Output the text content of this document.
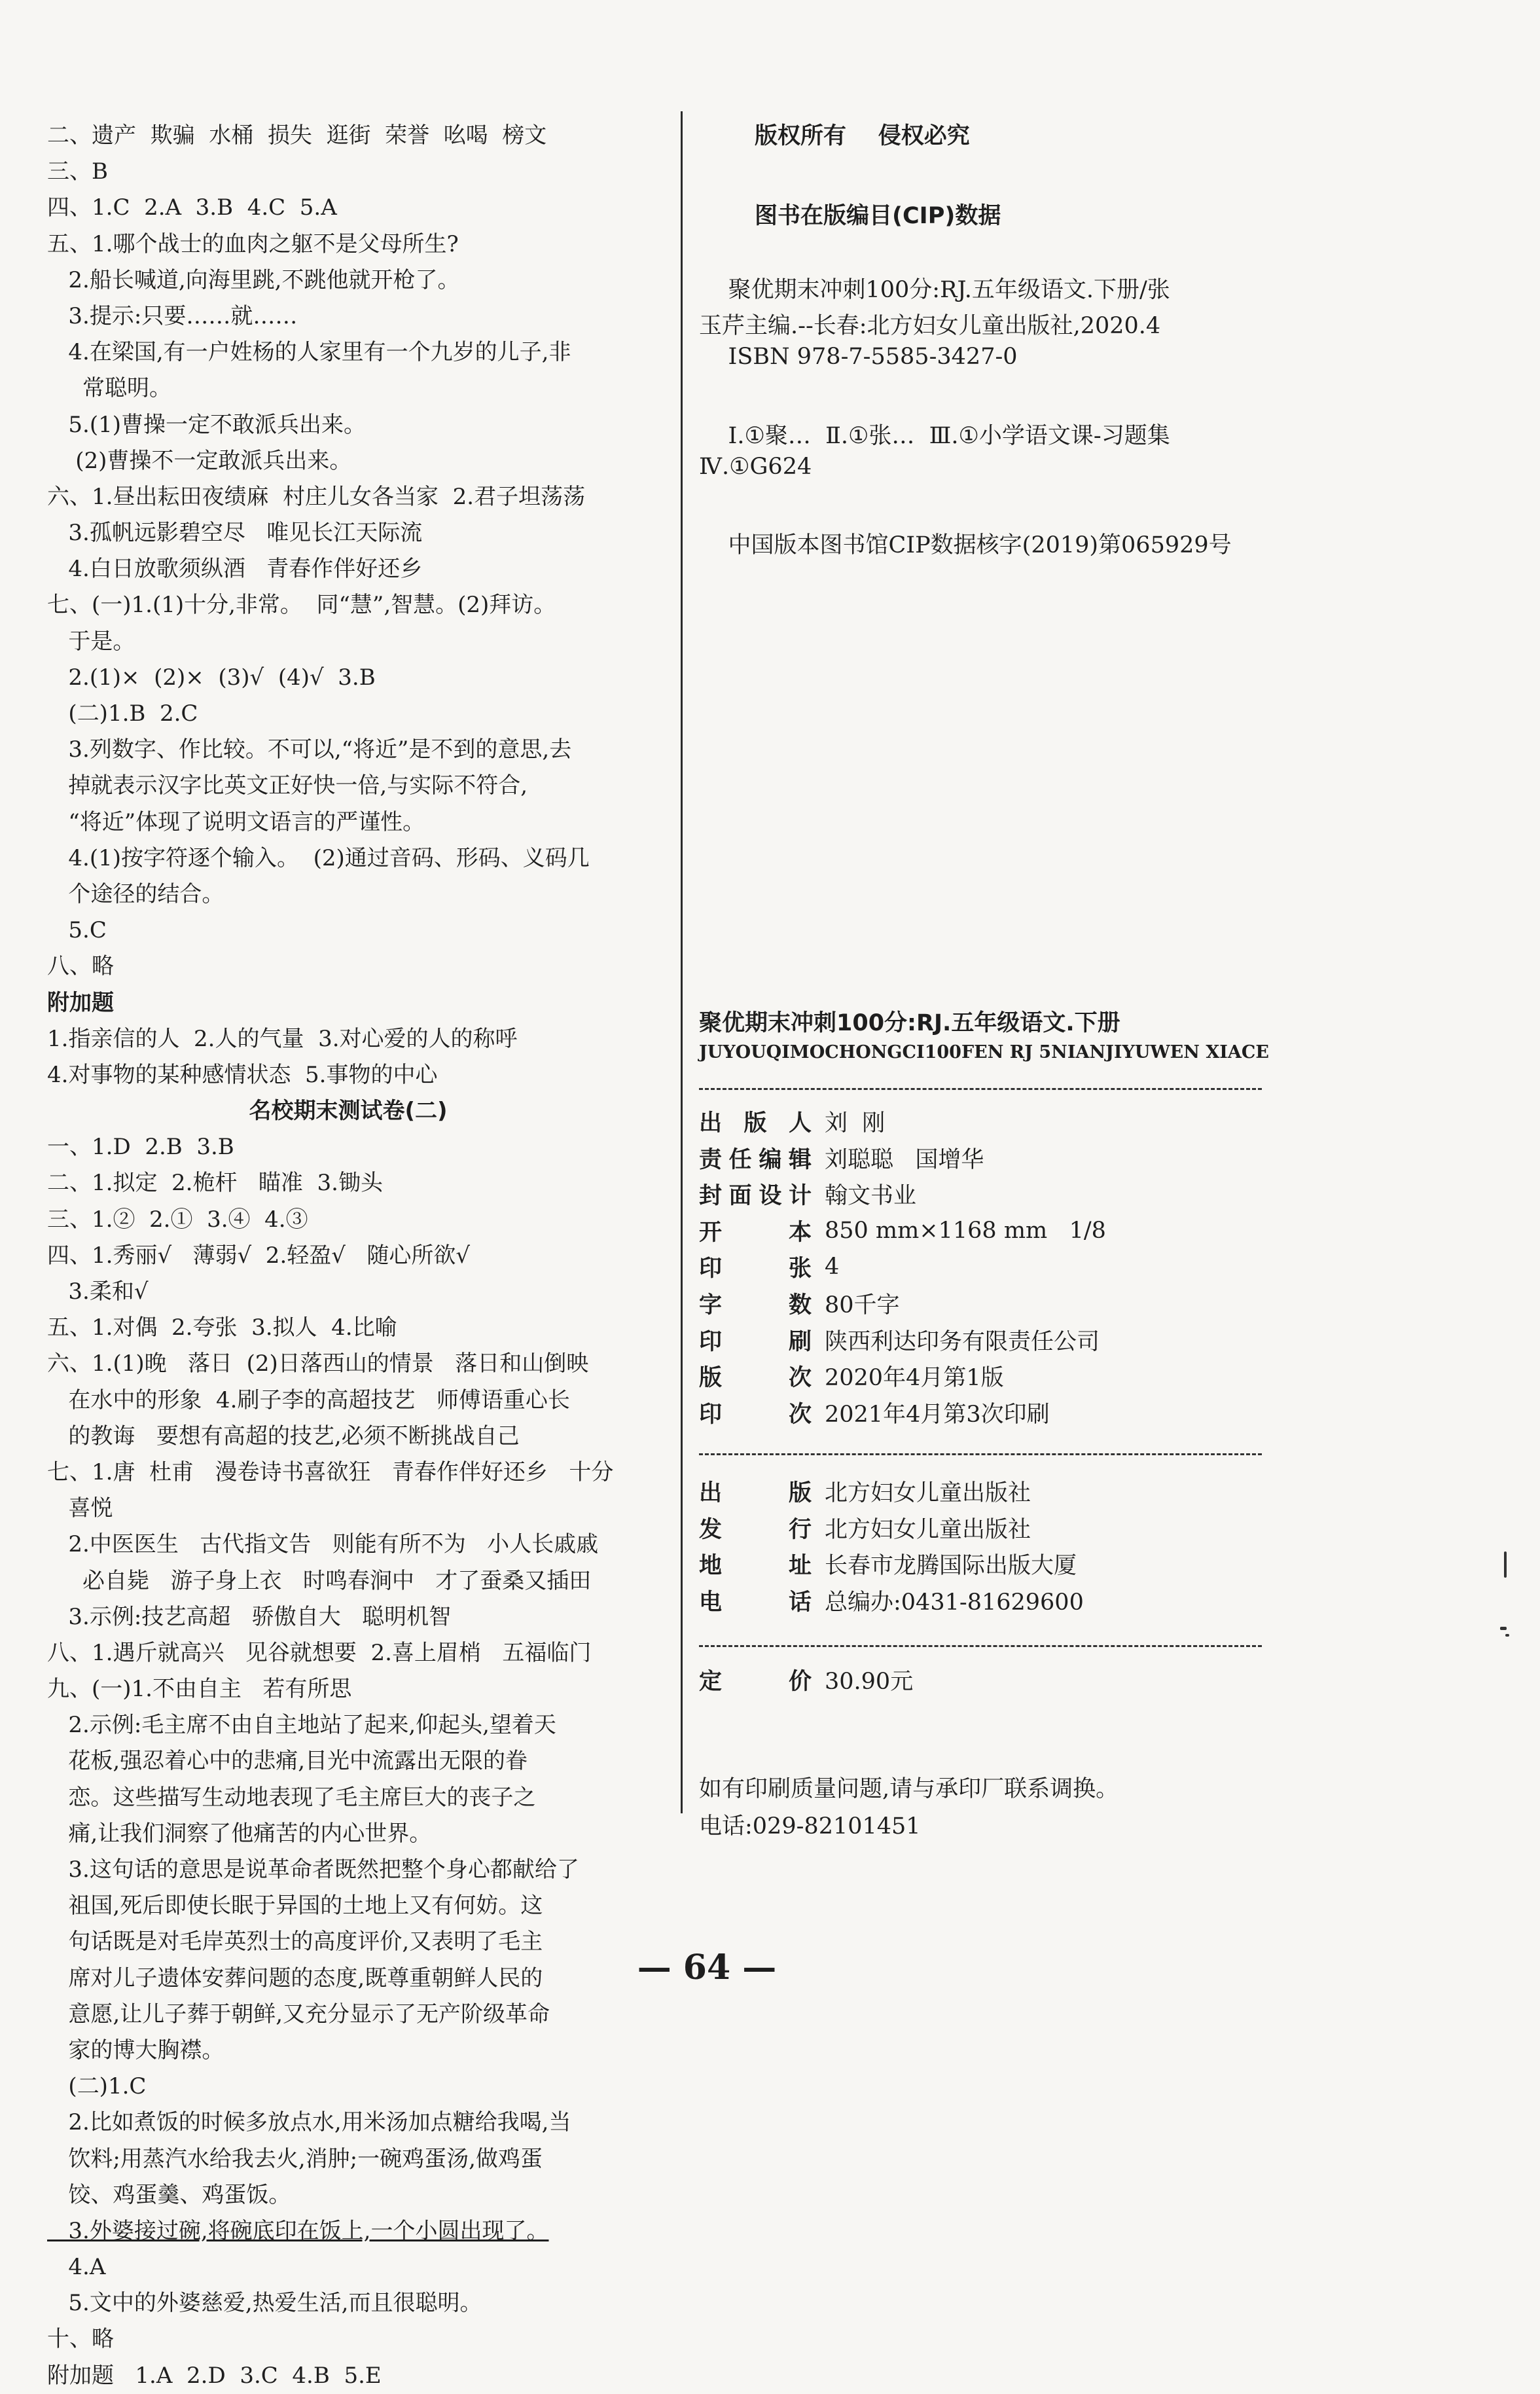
二、遗产  欺骗  水桶  损失  逛街  荣誉  吆喝  榜文
三、B
四、1.C  2.A  3.B  4.C  5.A
五、1.哪个战士的血肉之躯不是父母所生?
2.船长喊道,向海里跳,不跳他就开枪了。
3.提示:只要……就……
4.在梁国,有一户姓杨的人家里有一个九岁的儿子,非
常聪明。
5.(1)曹操一定不敢派兵出来。
(2)曹操不一定敢派兵出来。
六、1.昼出耘田夜绩麻  村庄儿女各当家  2.君子坦荡荡
3.孤帆远影碧空尽   唯见长江天际流
4.白日放歌须纵酒   青春作伴好还乡
七、(一)1.(1)十分,非常。  同“慧”,智慧。(2)拜访。
于是。
2.(1)×  (2)×  (3)√  (4)√  3.B
(二)1.B  2.C
3.列数字、作比较。不可以,“将近”是不到的意思,去
掉就表示汉字比英文正好快一倍,与实际不符合,
“将近”体现了说明文语言的严谨性。
4.(1)按字符逐个输入。  (2)通过音码、形码、义码几
个途径的结合。
5.C
八、略
附加题
1.指亲信的人  2.人的气量  3.对心爱的人的称呼
4.对事物的某种感情状态  5.事物的中心
名校期末测试卷(二)
一、1.D  2.B  3.B
二、1.拟定  2.桅杆   瞄准  3.锄头
三、1.②  2.①  3.④  4.③
四、1.秀丽√   薄弱√  2.轻盈√   随心所欲√
3.柔和√
五、1.对偶  2.夸张  3.拟人  4.比喻
六、1.(1)晚   落日  (2)日落西山的情景   落日和山倒映
在水中的形象  4.刷子李的高超技艺   师傅语重心长
的教诲   要想有高超的技艺,必须不断挑战自己
七、1.唐  杜甫   漫卷诗书喜欲狂   青春作伴好还乡   十分
喜悦
2.中医医生   古代指文告   则能有所不为   小人长戚戚
必自毙   游子身上衣   时鸣春涧中   才了蚕桑又插田
3.示例:技艺高超   骄傲自大   聪明机智
八、1.遇斤就高兴   见谷就想要  2.喜上眉梢   五福临门
九、(一)1.不由自主   若有所思
2.示例:毛主席不由自主地站了起来,仰起头,望着天
花板,强忍着心中的悲痛,目光中流露出无限的眷
恋。这些描写生动地表现了毛主席巨大的丧子之
痛,让我们洞察了他痛苦的内心世界。
3.这句话的意思是说革命者既然把整个身心都献给了
祖国,死后即使长眠于异国的土地上又有何妨。这
句话既是对毛岸英烈士的高度评价,又表明了毛主
席对儿子遗体安葬问题的态度,既尊重朝鲜人民的
意愿,让儿子葬于朝鲜,又充分显示了无产阶级革命
家的博大胸襟。
(二)1.C
2.比如煮饭的时候多放点水,用米汤加点糖给我喝,当
饮料;用蒸汽水给我去火,消肿;一碗鸡蛋汤,做鸡蛋
饺、鸡蛋羹、鸡蛋饭。
3.外婆接过碗,将碗底印在饭上,一个小圆出现了。
4.A
5.文中的外婆慈爱,热爱生活,而且很聪明。
十、略
附加题   1.A  2.D  3.C  4.B  5.E
版权所有    侵权必究
图书在版编目(CIP)数据
聚优期末冲刺100分:RJ.五年级语文.下册/张
玉芹主编.--长春:北方妇女儿童出版社,2020.4
ISBN 978-7-5585-3427-0
Ⅰ.①聚…  Ⅱ.①张…  Ⅲ.①小学语文课-习题集
Ⅳ.①G624
中国版本图书馆CIP数据核字(2019)第065929号
聚优期末冲刺100分:RJ.五年级语文.下册
JUYOUQIMOCHONGCI100FEN RJ 5NIANJIYUWEN XIACE
出 版 人 刘  刚
责 任 编 辑 刘聪聪   国增华
封 面 设 计 翰文书业
开	本 850 mm×1168 mm   1/8
印	张 4
字	数 80千字
印	刷 陕西利达印务有限责任公司
版	次 2020年4月第1版
印	次 2021年4月第3次印刷
出	版 北方妇女儿童出版社
发	行 北方妇女儿童出版社
地	址 长春市龙腾国际出版大厦
电	话 总编办:0431-81629600
定	价 30.90元
如有印刷质量问题,请与承印厂联系调换。
电话:029-82101451
— 64 —
